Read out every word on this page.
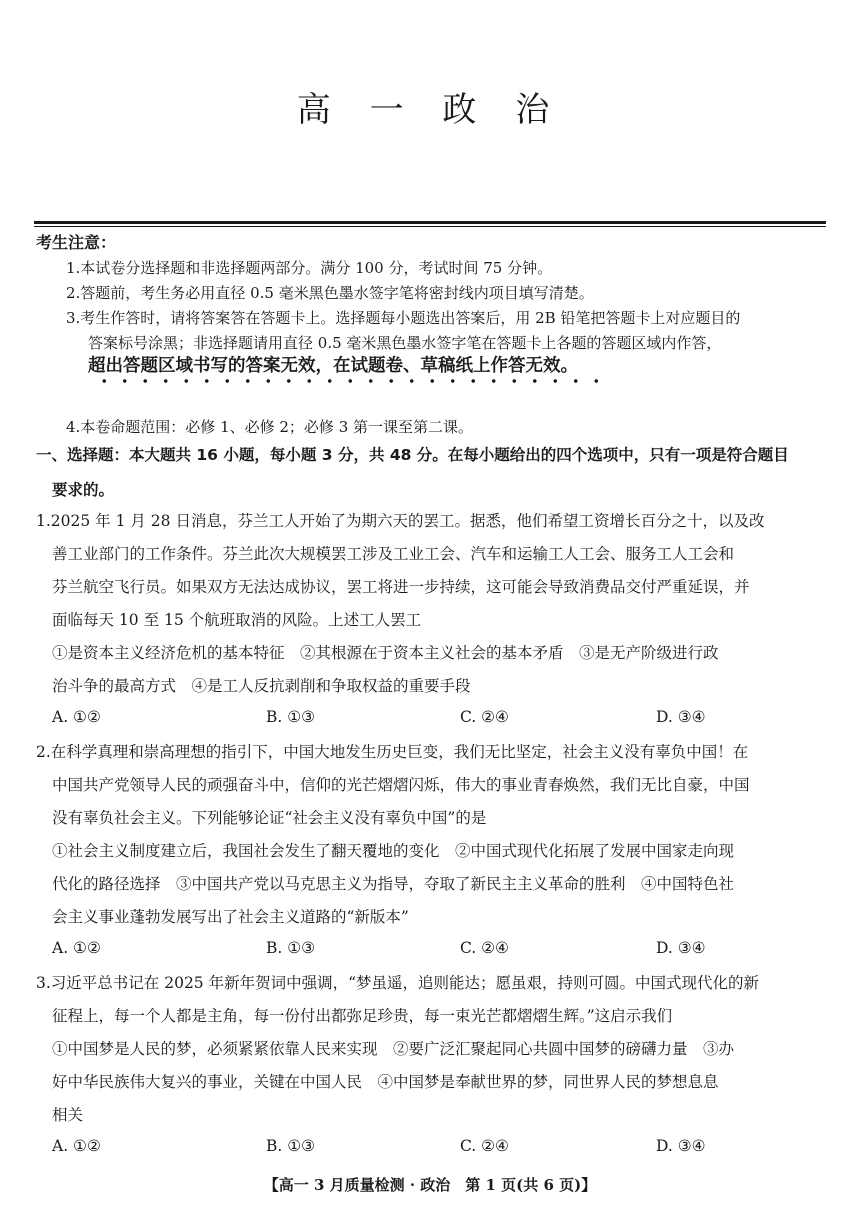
高 一 政 治
考生注意：
1.本试卷分选择题和非选择题两部分。满分 100 分，考试时间 75 分钟。
2.答题前，考生务必用直径 0.5 毫米黑色墨水签字笔将密封线内项目填写清楚。
3.考生作答时，请将答案答在答题卡上。选择题每小题选出答案后，用 2B 铅笔把答题卡上对应题目的
答案标号涂黑；非选择题请用直径 0.5 毫米黑色墨水签字笔在答题卡上各题的答题区域内作答，
超出答题区域书写的答案无效，在试题卷、草稿纸上作答无效。
4.本卷命题范围：必修 1、必修 2；必修 3 第一课至第二课。
一、选择题：本大题共 16 小题，每小题 3 分，共 48 分。在每小题给出的四个选项中，只有一项是符合题目
要求的。
1.2025 年 1 月 28 日消息，芬兰工人开始了为期六天的罢工。据悉，他们希望工资增长百分之十，以及改
善工业部门的工作条件。芬兰此次大规模罢工涉及工业工会、汽车和运输工人工会、服务工人工会和
芬兰航空飞行员。如果双方无法达成协议，罢工将进一步持续，这可能会导致消费品交付严重延误，并
面临每天 10 至 15 个航班取消的风险。上述工人罢工
①是资本主义经济危机的基本特征　②其根源在于资本主义社会的基本矛盾　③是无产阶级进行政
治斗争的最高方式　④是工人反抗剥削和争取权益的重要手段
A. ①②	B. ①③	C. ②④	D. ③④
2.在科学真理和崇高理想的指引下，中国大地发生历史巨变，我们无比坚定，社会主义没有辜负中国！在
中国共产党领导人民的顽强奋斗中，信仰的光芒熠熠闪烁，伟大的事业青春焕然，我们无比自豪，中国
没有辜负社会主义。下列能够论证“社会主义没有辜负中国”的是
①社会主义制度建立后，我国社会发生了翻天覆地的变化　②中国式现代化拓展了发展中国家走向现
代化的路径选择　③中国共产党以马克思主义为指导，夺取了新民主主义革命的胜利　④中国特色社
会主义事业蓬勃发展写出了社会主义道路的“新版本”
A. ①②	B. ①③	C. ②④	D. ③④
3.习近平总书记在 2025 年新年贺词中强调，“梦虽遥，追则能达；愿虽艰，持则可圆。中国式现代化的新
征程上，每一个人都是主角，每一份付出都弥足珍贵，每一束光芒都熠熠生辉。”这启示我们
①中国梦是人民的梦，必须紧紧依靠人民来实现　②要广泛汇聚起同心共圆中国梦的磅礴力量　③办
好中华民族伟大复兴的事业，关键在中国人民　④中国梦是奉献世界的梦，同世界人民的梦想息息
相关
A. ①②	B. ①③	C. ②④	D. ③④
【高一 3 月质量检测 · 政治　第 1 页(共 6 页)】
